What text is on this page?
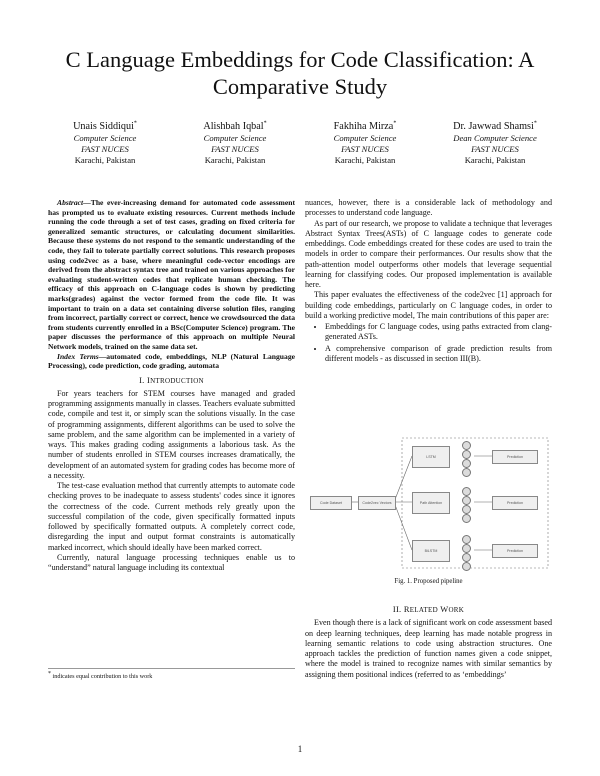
C Language Embeddings for Code Classification: A Comparative Study
Unais Siddiqui*
Computer Science
FAST NUCES
Karachi, Pakistan
Alishbah Iqbal*
Computer Science
FAST NUCES
Karachi, Pakistan
Fakhiha Mirza*
Computer Science
FAST NUCES
Karachi, Pakistan
Dr. Jawwad Shamsi*
Dean Computer Science
FAST NUCES
Karachi, Pakistan

Abstract—The ever-increasing demand for automated code assessment has prompted us to evaluate existing resources. Current methods include running the code through a set of test cases, grading on fixed criteria for generalized semantic structures, or calculating document similarities. Because these systems do not respond to the semantic understanding of the code, they fail to tolerate partially correct solutions. This research proposes using code2vec as a base, where meaningful code-vector encodings are derived from the abstract syntax tree and trained on various approaches for evaluating student-written codes that replicate human checking. The efficacy of this approach on C-language codes is shown by predicting marks(grades) against the vector formed from the code file. It was important to train on a data set containing diverse solution files, ranging from incorrect, partially correct or correct, hence we crowdsourced the data from students currently enrolled in a BSc(Computer Science) program. The paper discusses the performance of this approach on multiple Neural Network models, trained on the same data set.

Index Terms—automated code, embeddings, NLP (Natural Language Processing), code prediction, code grading, automata

I. INTRODUCTION

For years teachers for STEM courses have managed and graded programming assignments manually in classes. Teachers evaluate submitted code, compile and test it, or simply scan the solutions visually. In the case of programming assignments, different algorithms can be used to solve the same problem, and the same algorithm can be implemented in a variety of ways. This makes grading coding assignments a laborious task. As the number of students enrolled in STEM courses increases dramatically, the development of an automated system for grading codes has become more of a necessity.

The test-case evaluation method that currently attempts to automate code checking proves to be inadequate to assess students' codes since it ignores the correctness of the code. Current methods rely greatly upon the successful compilation of the code, given specifically formatted inputs followed by specifically formatted outputs. A completely correct code, disregarding the input and output format constraints is automatically marked incorrect, which should ideally have been marked correct.

Currently, natural language processing techniques enable us to “understand” natural language including its contextual

* indicates equal contribution to this work

nuances, however, there is a considerable lack of methodology and processes to understand code language.

As part of our research, we propose to validate a technique that leverages Abstract Syntax Trees(ASTs) of C language codes to generate code embeddings. Code embeddings created for these codes are used to train the models in order to compare their performances. Our results show that the path-attention model outperforms other models that leverage sequential learning for classifying codes. Our proposed implementation is available here.

This paper evaluates the effectiveness of the code2vec [1] approach for building code embeddings, particularly on C language codes, in order to build a working predictive model, The main contributions of this paper are:

• Embeddings for C language codes, using paths extracted from clang-generated ASTs.
• A comprehensive comparison of grade prediction results from different models - as discussed in section III(B).
Code Dataset	Code2vec Vectors
LSTM
Path Attention
BiLSTM
Prediction
Prediction
Prediction
Fig. 1. Proposed pipeline
II. RELATED WORK

Even though there is a lack of significant work on code assessment based on deep learning techniques, deep learning has made notable progress in learning semantic relations to code using abstraction structures. One approach tackles the prediction of function names given a code snippet, where the model is trained to recognize names with similar semantics by assigning them positional indices (referred to as ‘embeddings’

1
